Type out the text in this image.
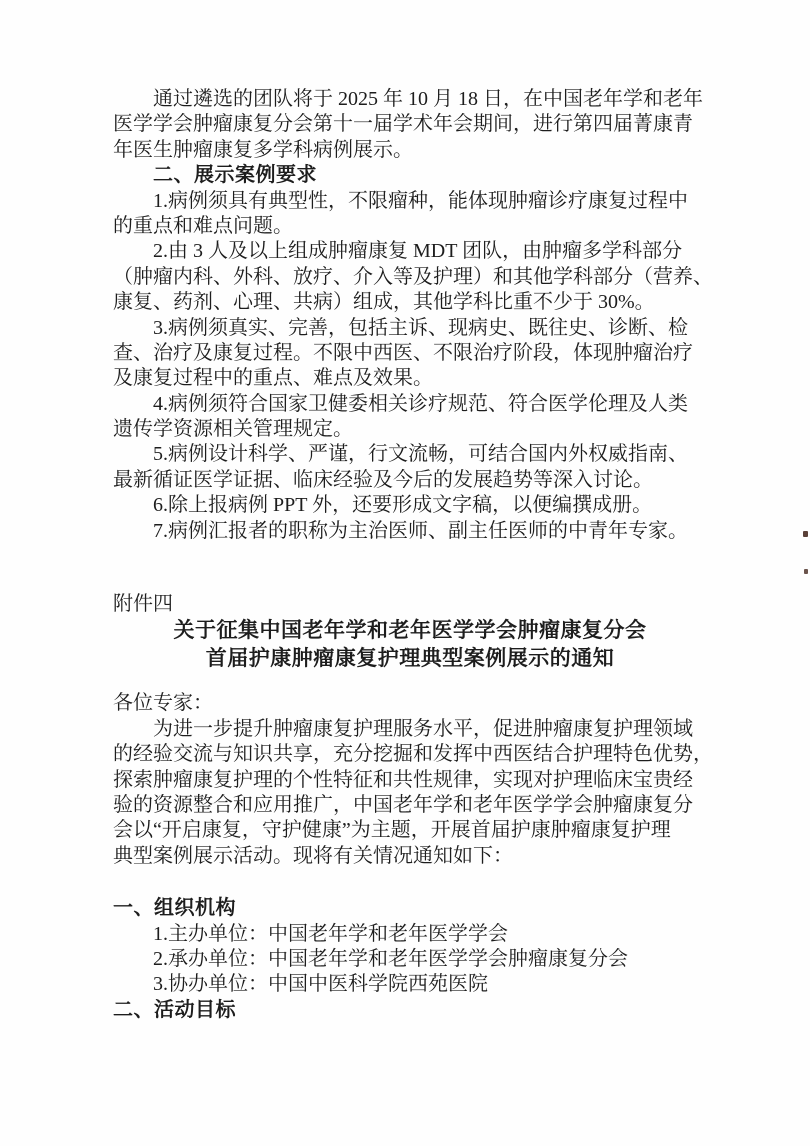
通过遴选的团队将于 2025 年 10 月 18 日，在中国老年学和老年
医学学会肿瘤康复分会第十一届学术年会期间，进行第四届菁康青
年医生肿瘤康复多学科病例展示。
二、展示案例要求
1.病例须具有典型性，不限瘤种，能体现肿瘤诊疗康复过程中
的重点和难点问题。
2.由 3 人及以上组成肿瘤康复 MDT 团队，由肿瘤多学科部分
（肿瘤内科、外科、放疗、介入等及护理）和其他学科部分（营养、
康复、药剂、心理、共病）组成，其他学科比重不少于 30%。
3.病例须真实、完善，包括主诉、现病史、既往史、诊断、检
查、治疗及康复过程。不限中西医、不限治疗阶段，体现肿瘤治疗
及康复过程中的重点、难点及效果。
4.病例须符合国家卫健委相关诊疗规范、符合医学伦理及人类
遗传学资源相关管理规定。
5.病例设计科学、严谨，行文流畅，可结合国内外权威指南、
最新循证医学证据、临床经验及今后的发展趋势等深入讨论。
6.除上报病例 PPT 外，还要形成文字稿，以便编撰成册。
7.病例汇报者的职称为主治医师、副主任医师的中青年专家。
附件四
关于征集中国老年学和老年医学学会肿瘤康复分会
首届护康肿瘤康复护理典型案例展示的通知
各位专家：
为进一步提升肿瘤康复护理服务水平，促进肿瘤康复护理领域
的经验交流与知识共享，充分挖掘和发挥中西医结合护理特色优势，
探索肿瘤康复护理的个性特征和共性规律，实现对护理临床宝贵经
验的资源整合和应用推广，中国老年学和老年医学学会肿瘤康复分
会以“开启康复，守护健康”为主题，开展首届护康肿瘤康复护理
典型案例展示活动。现将有关情况通知如下：
一、组织机构
1.主办单位：中国老年学和老年医学学会
2.承办单位：中国老年学和老年医学学会肿瘤康复分会
3.协办单位：中国中医科学院西苑医院
二、活动目标
